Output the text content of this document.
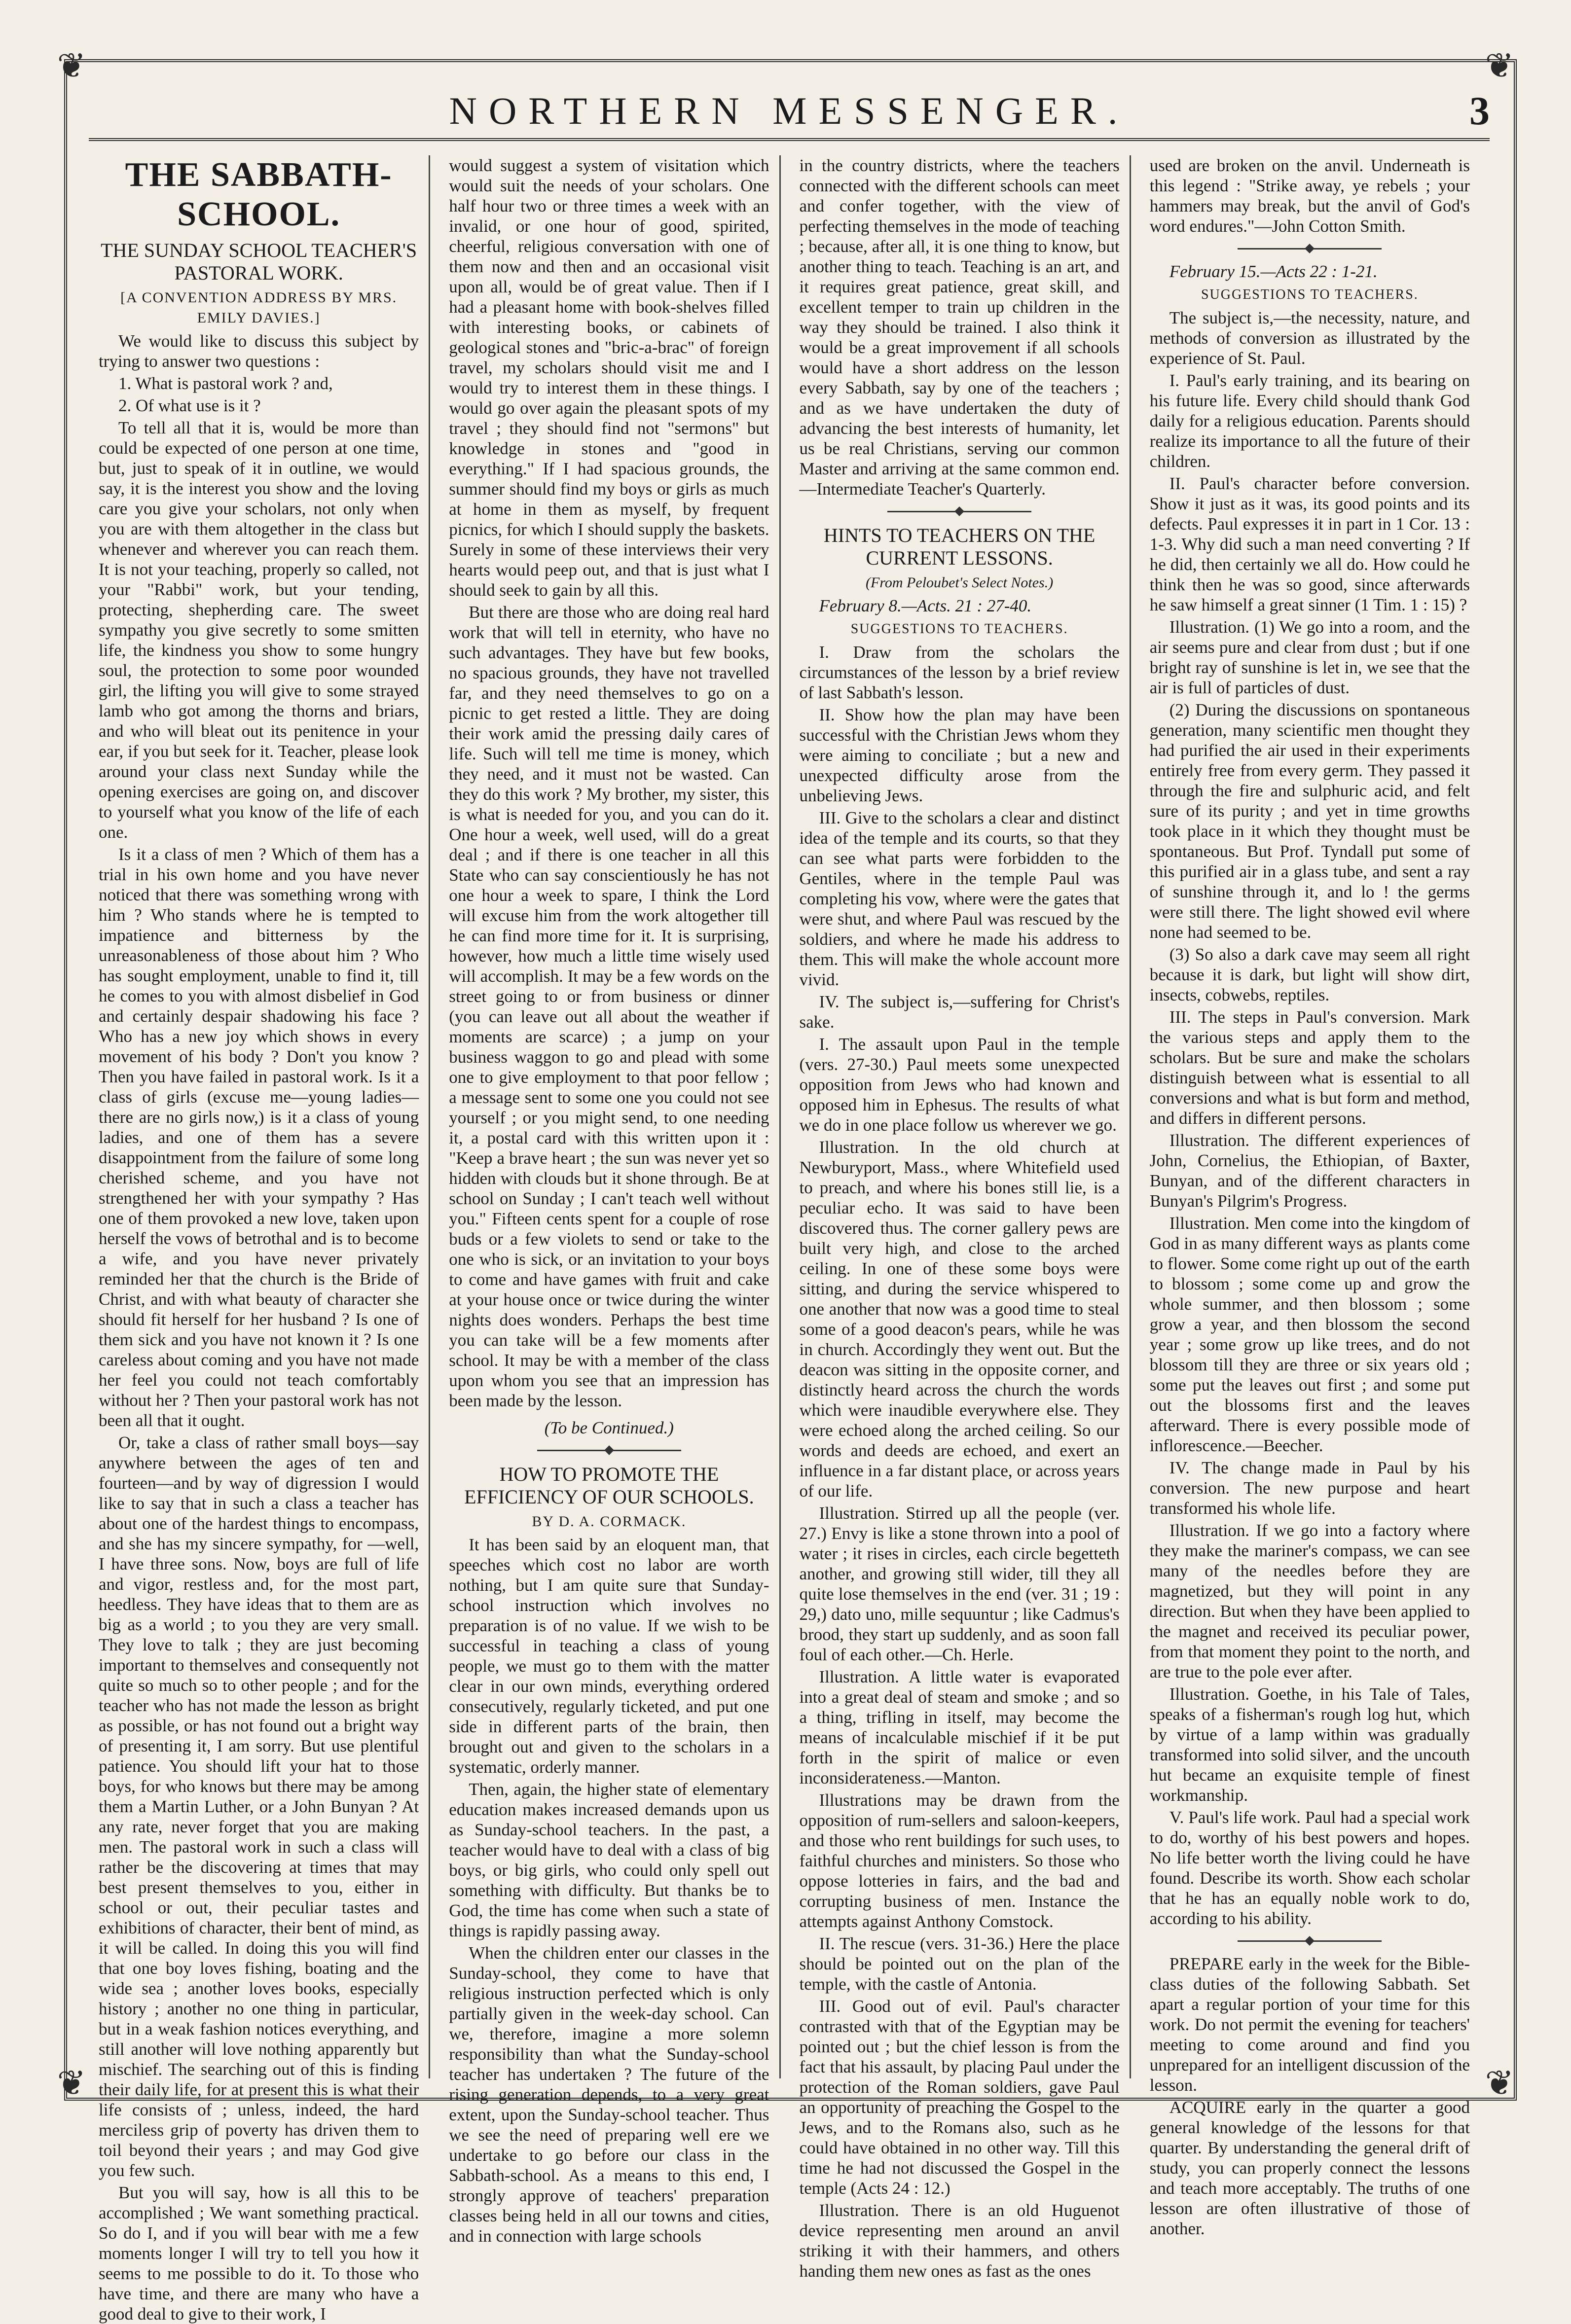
❦	❦
❦	❦
NORTHERN MESSENGER.	3
THE SABBATH-SCHOOL.
THE SUNDAY SCHOOL TEACHER'S PASTORAL WORK.
[A CONVENTION ADDRESS BY MRS. EMILY DAVIES.]

We would like to discuss this subject by trying to answer two questions :

1. What is pastoral work ? and,

2. Of what use is it ?

To tell all that it is, would be more than could be expected of one person at one time, but, just to speak of it in outline, we would say, it is the interest you show and the loving care you give your scholars, not only when you are with them altogether in the class but whenever and wherever you can reach them. It is not your teaching, properly so called, not your "Rabbi" work, but your tending, protecting, shepherding care. The sweet sympathy you give secretly to some smitten life, the kindness you show to some hungry soul, the protection to some poor wounded girl, the lifting you will give to some strayed lamb who got among the thorns and briars, and who will bleat out its penitence in your ear, if you but seek for it. Teacher, please look around your class next Sunday while the opening exercises are going on, and discover to yourself what you know of the life of each one.

Is it a class of men ? Which of them has a trial in his own home and you have never noticed that there was something wrong with him ? Who stands where he is tempted to impatience and bitterness by the unreasonableness of those about him ? Who has sought employment, unable to find it, till he comes to you with almost disbelief in God and certainly despair shadowing his face ? Who has a new joy which shows in every movement of his body ? Don't you know ? Then you have failed in pastoral work. Is it a class of girls (excuse me—young ladies—there are no girls now,) is it a class of young ladies, and one of them has a severe disappointment from the failure of some long cherished scheme, and you have not strengthened her with your sympathy ? Has one of them provoked a new love, taken upon herself the vows of betrothal and is to become a wife, and you have never privately reminded her that the church is the Bride of Christ, and with what beauty of character she should fit herself for her husband ? Is one of them sick and you have not known it ? Is one careless about coming and you have not made her feel you could not teach comfortably without her ? Then your pastoral work has not been all that it ought.

Or, take a class of rather small boys—say anywhere between the ages of ten and fourteen—and by way of digression I would like to say that in such a class a teacher has about one of the hardest things to encompass, and she has my sincere sympathy, for —well, I have three sons. Now, boys are full of life and vigor, restless and, for the most part, heedless. They have ideas that to them are as big as a world ; to you they are very small. They love to talk ; they are just becoming important to themselves and consequently not quite so much so to other people ; and for the teacher who has not made the lesson as bright as possible, or has not found out a bright way of presenting it, I am sorry. But use plentiful patience. You should lift your hat to those boys, for who knows but there may be among them a Martin Luther, or a John Bunyan ? At any rate, never forget that you are making men. The pastoral work in such a class will rather be the discovering at times that may best present themselves to you, either in school or out, their peculiar tastes and exhibitions of character, their bent of mind, as it will be called. In doing this you will find that one boy loves fishing, boating and the wide sea ; another loves books, especially history ; another no one thing in particular, but in a weak fashion notices everything, and still another will love nothing apparently but mischief. The searching out of this is finding their daily life, for at present this is what their life consists of ; unless, indeed, the hard merciless grip of poverty has driven them to toil beyond their years ; and may God give you few such.

But you will say, how is all this to be accomplished ; We want something practical. So do I, and if you will bear with me a few moments longer I will try to tell you how it seems to me possible to do it. To those who have time, and there are many who have a good deal to give to their work, I

would suggest a system of visitation which would suit the needs of your scholars. One half hour two or three times a week with an invalid, or one hour of good, spirited, cheerful, religious conversation with one of them now and then and an occasional visit upon all, would be of great value. Then if I had a pleasant home with book-shelves filled with interesting books, or cabinets of geological stones and "bric-a-brac" of foreign travel, my scholars should visit me and I would try to interest them in these things. I would go over again the pleasant spots of my travel ; they should find not "sermons" but knowledge in stones and "good in everything." If I had spacious grounds, the summer should find my boys or girls as much at home in them as myself, by frequent picnics, for which I should supply the baskets. Surely in some of these interviews their very hearts would peep out, and that is just what I should seek to gain by all this.

But there are those who are doing real hard work that will tell in eternity, who have no such advantages. They have but few books, no spacious grounds, they have not travelled far, and they need themselves to go on a picnic to get rested a little. They are doing their work amid the pressing daily cares of life. Such will tell me time is money, which they need, and it must not be wasted. Can they do this work ? My brother, my sister, this is what is needed for you, and you can do it. One hour a week, well used, will do a great deal ; and if there is one teacher in all this State who can say conscientiously he has not one hour a week to spare, I think the Lord will excuse him from the work altogether till he can find more time for it. It is surprising, however, how much a little time wisely used will accomplish. It may be a few words on the street going to or from business or dinner (you can leave out all about the weather if moments are scarce) ; a jump on your business waggon to go and plead with some one to give employment to that poor fellow ; a message sent to some one you could not see yourself ; or you might send, to one needing it, a postal card with this written upon it : "Keep a brave heart ; the sun was never yet so hidden with clouds but it shone through. Be at school on Sunday ; I can't teach well without you." Fifteen cents spent for a couple of rose buds or a few violets to send or take to the one who is sick, or an invitation to your boys to come and have games with fruit and cake at your house once or twice during the winter nights does wonders. Perhaps the best time you can take will be a few moments after school. It may be with a member of the class upon whom you see that an impression has been made by the lesson.

(To be Continued.)
HOW TO PROMOTE THE EFFICIENCY OF OUR SCHOOLS.
BY D. A. CORMACK.

It has been said by an eloquent man, that speeches which cost no labor are worth nothing, but I am quite sure that Sunday-school instruction which involves no preparation is of no value. If we wish to be successful in teaching a class of young people, we must go to them with the matter clear in our own minds, everything ordered consecutively, regularly ticketed, and put one side in different parts of the brain, then brought out and given to the scholars in a systematic, orderly manner.

Then, again, the higher state of elementary education makes increased demands upon us as Sunday-school teachers. In the past, a teacher would have to deal with a class of big boys, or big girls, who could only spell out something with difficulty. But thanks be to God, the time has come when such a state of things is rapidly passing away.

When the children enter our classes in the Sunday-school, they come to have that religious instruction perfected which is only partially given in the week-day school. Can we, therefore, imagine a more solemn responsibility than what the Sunday-school teacher has undertaken ? The future of the rising generation depends, to a very great extent, upon the Sunday-school teacher. Thus we see the need of preparing well ere we undertake to go before our class in the Sabbath-school. As a means to this end, I strongly approve of teachers' preparation classes being held in all our towns and cities, and in connection with large schools

in the country districts, where the teachers connected with the different schools can meet and confer together, with the view of perfecting themselves in the mode of teaching ; because, after all, it is one thing to know, but another thing to teach. Teaching is an art, and it requires great patience, great skill, and excellent temper to train up children in the way they should be trained. I also think it would be a great improvement if all schools would have a short address on the lesson every Sabbath, say by one of the teachers ; and as we have undertaken the duty of advancing the best interests of humanity, let us be real Christians, serving our common Master and arriving at the same common end.—Intermediate Teacher's Quarterly.

HINTS TO TEACHERS ON THE CURRENT LESSONS.
(From Peloubet's Select Notes.)

February 8.—Acts. 21 : 27-40.

SUGGESTIONS TO TEACHERS.

I. Draw from the scholars the circumstances of the lesson by a brief review of last Sabbath's lesson.

II. Show how the plan may have been successful with the Christian Jews whom they were aiming to conciliate ; but a new and unexpected difficulty arose from the unbelieving Jews.

III. Give to the scholars a clear and distinct idea of the temple and its courts, so that they can see what parts were forbidden to the Gentiles, where in the temple Paul was completing his vow, where were the gates that were shut, and where Paul was rescued by the soldiers, and where he made his address to them. This will make the whole account more vivid.

IV. The subject is,—suffering for Christ's sake.

I. The assault upon Paul in the temple (vers. 27-30.) Paul meets some unexpected opposition from Jews who had known and opposed him in Ephesus. The results of what we do in one place follow us wherever we go.

Illustration. In the old church at Newburyport, Mass., where Whitefield used to preach, and where his bones still lie, is a peculiar echo. It was said to have been discovered thus. The corner gallery pews are built very high, and close to the arched ceiling. In one of these some boys were sitting, and during the service whispered to one another that now was a good time to steal some of a good deacon's pears, while he was in church. Accordingly they went out. But the deacon was sitting in the opposite corner, and distinctly heard across the church the words which were inaudible everywhere else. They were echoed along the arched ceiling. So our words and deeds are echoed, and exert an influence in a far distant place, or across years of our life.

Illustration. Stirred up all the people (ver. 27.) Envy is like a stone thrown into a pool of water ; it rises in circles, each circle begetteth another, and growing still wider, till they all quite lose themselves in the end (ver. 31 ; 19 : 29,) dato uno, mille sequuntur ; like Cadmus's brood, they start up suddenly, and as soon fall foul of each other.—Ch. Herle.

Illustration. A little water is evaporated into a great deal of steam and smoke ; and so a thing, trifling in itself, may become the means of incalculable mischief if it be put forth in the spirit of malice or even inconsiderateness.—Manton.

Illustrations may be drawn from the opposition of rum-sellers and saloon-keepers, and those who rent buildings for such uses, to faithful churches and ministers. So those who oppose lotteries in fairs, and the bad and corrupting business of men. Instance the attempts against Anthony Comstock.

II. The rescue (vers. 31-36.) Here the place should be pointed out on the plan of the temple, with the castle of Antonia.

III. Good out of evil. Paul's character contrasted with that of the Egyptian may be pointed out ; but the chief lesson is from the fact that his assault, by placing Paul under the protection of the Roman soldiers, gave Paul an opportunity of preaching the Gospel to the Jews, and to the Romans also, such as he could have obtained in no other way. Till this time he had not discussed the Gospel in the temple (Acts 24 : 12.)

Illustration. There is an old Huguenot device representing men around an anvil striking it with their hammers, and others handing them new ones as fast as the ones

used are broken on the anvil. Underneath is this legend : "Strike away, ye rebels ; your hammers may break, but the anvil of God's word endures."—John Cotton Smith.

February 15.—Acts 22 : 1-21.

SUGGESTIONS TO TEACHERS.

The subject is,—the necessity, nature, and methods of conversion as illustrated by the experience of St. Paul.

I. Paul's early training, and its bearing on his future life. Every child should thank God daily for a religious education. Parents should realize its importance to all the future of their children.

II. Paul's character before conversion. Show it just as it was, its good points and its defects. Paul expresses it in part in 1 Cor. 13 : 1-3. Why did such a man need converting ? If he did, then certainly we all do. How could he think then he was so good, since afterwards he saw himself a great sinner (1 Tim. 1 : 15) ?

Illustration. (1) We go into a room, and the air seems pure and clear from dust ; but if one bright ray of sunshine is let in, we see that the air is full of particles of dust.

(2) During the discussions on spontaneous generation, many scientific men thought they had purified the air used in their experiments entirely free from every germ. They passed it through the fire and sulphuric acid, and felt sure of its purity ; and yet in time growths took place in it which they thought must be spontaneous. But Prof. Tyndall put some of this purified air in a glass tube, and sent a ray of sunshine through it, and lo ! the germs were still there. The light showed evil where none had seemed to be.

(3) So also a dark cave may seem all right because it is dark, but light will show dirt, insects, cobwebs, reptiles.

III. The steps in Paul's conversion. Mark the various steps and apply them to the scholars. But be sure and make the scholars distinguish between what is essential to all conversions and what is but form and method, and differs in different persons.

Illustration. The different experiences of John, Cornelius, the Ethiopian, of Baxter, Bunyan, and of the different characters in Bunyan's Pilgrim's Progress.

Illustration. Men come into the kingdom of God in as many different ways as plants come to flower. Some come right up out of the earth to blossom ; some come up and grow the whole summer, and then blossom ; some grow a year, and then blossom the second year ; some grow up like trees, and do not blossom till they are three or six years old ; some put the leaves out first ; and some put out the blossoms first and the leaves afterward. There is every possible mode of inflorescence.—Beecher.

IV. The change made in Paul by his conversion. The new purpose and heart transformed his whole life.

Illustration. If we go into a factory where they make the mariner's compass, we can see many of the needles before they are magnetized, but they will point in any direction. But when they have been applied to the magnet and received its peculiar power, from that moment they point to the north, and are true to the pole ever after.

Illustration. Goethe, in his Tale of Tales, speaks of a fisherman's rough log hut, which by virtue of a lamp within was gradually transformed into solid silver, and the uncouth hut became an exquisite temple of finest workmanship.

V. Paul's life work. Paul had a special work to do, worthy of his best powers and hopes. No life better worth the living could he have found. Describe its worth. Show each scholar that he has an equally noble work to do, according to his ability.

PREPARE early in the week for the Bible-class duties of the following Sabbath. Set apart a regular portion of your time for this work. Do not permit the evening for teachers' meeting to come around and find you unprepared for an intelligent discussion of the lesson.

ACQUIRE early in the quarter a good general knowledge of the lessons for that quarter. By understanding the general drift of study, you can properly connect the lessons and teach more acceptably. The truths of one lesson are often illustrative of those of another.
